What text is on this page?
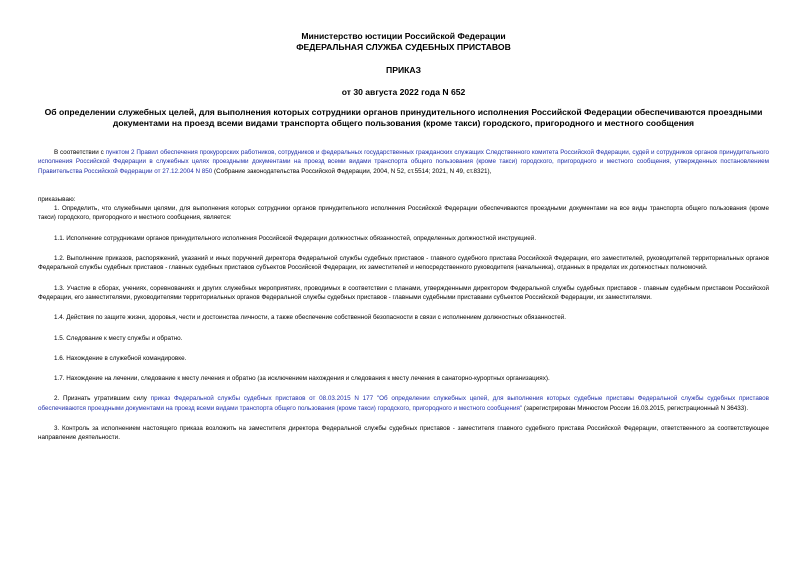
Министерство юстиции Российской Федерации
ФЕДЕРАЛЬНАЯ СЛУЖБА СУДЕБНЫХ ПРИСТАВОВ
ПРИКАЗ
от 30 августа 2022 года N 652
Об определении служебных целей, для выполнения которых сотрудники органов принудительного исполнения Российской Федерации обеспечиваются проездными документами на проезд всеми видами транспорта общего пользования (кроме такси) городского, пригородного и местного сообщения
В соответствии с пунктом 2 Правил обеспечения прокурорских работников, сотрудников и федеральных государственных гражданских служащих Следственного комитета Российской Федерации, судей и сотрудников органов принудительного исполнения Российской Федерации в служебных целях проездными документами на проезд всеми видами транспорта общего пользования (кроме такси) городского, пригородного и местного сообщения, утвержденных постановлением Правительства Российской Федерации от 27.12.2004 N 850 (Собрание законодательства Российской Федерации, 2004, N 52, ст.5514; 2021, N 49, ст.8321),
приказываю:
1. Определить, что служебными целями, для выполнения которых сотрудники органов принудительного исполнения Российской Федерации обеспечиваются проездными документами на все виды транспорта общего пользования (кроме такси) городского, пригородного и местного сообщения, является:
1.1. Исполнение сотрудниками органов принудительного исполнения Российской Федерации должностных обязанностей, определенных должностной инструкцией.
1.2. Выполнение приказов, распоряжений, указаний и иных поручений директора Федеральной службы судебных приставов - главного судебного пристава Российской Федерации, его заместителей, руководителей территориальных органов Федеральной службы судебных приставов - главных судебных приставов субъектов Российской Федерации, их заместителей и непосредственного руководителя (начальника), отданных в пределах их должностных полномочий.
1.3. Участие в сборах, учениях, соревнованиях и других служебных мероприятиях, проводимых в соответствии с планами, утвержденными директором Федеральной службы судебных приставов - главным судебным приставом Российской Федерации, его заместителями, руководителями территориальных органов Федеральной службы судебных приставов - главными судебными приставами субъектов Российской Федерации, их заместителями.
1.4. Действия по защите жизни, здоровья, чести и достоинства личности, а также обеспечение собственной безопасности в связи с исполнением должностных обязанностей.
1.5. Следование к месту службы и обратно.
1.6. Нахождение в служебной командировке.
1.7. Нахождение на лечении, следование к месту лечения и обратно (за исключением нахождения и следования к месту лечения в санаторно-курортных организациях).
2. Признать утратившим силу приказ Федеральной службы судебных приставов от 08.03.2015 N 177 "Об определении служебных целей, для выполнения которых судебные приставы Федеральной службы судебных приставов обеспечиваются проездными документами на проезд всеми видами транспорта общего пользования (кроме такси) городского, пригородного и местного сообщения" (зарегистрирован Минюстом России 16.03.2015, регистрационный N 36433).
3. Контроль за исполнением настоящего приказа возложить на заместителя директора Федеральной службы судебных приставов - заместителя главного судебного пристава Российской Федерации, ответственного за соответствующее направление деятельности.
